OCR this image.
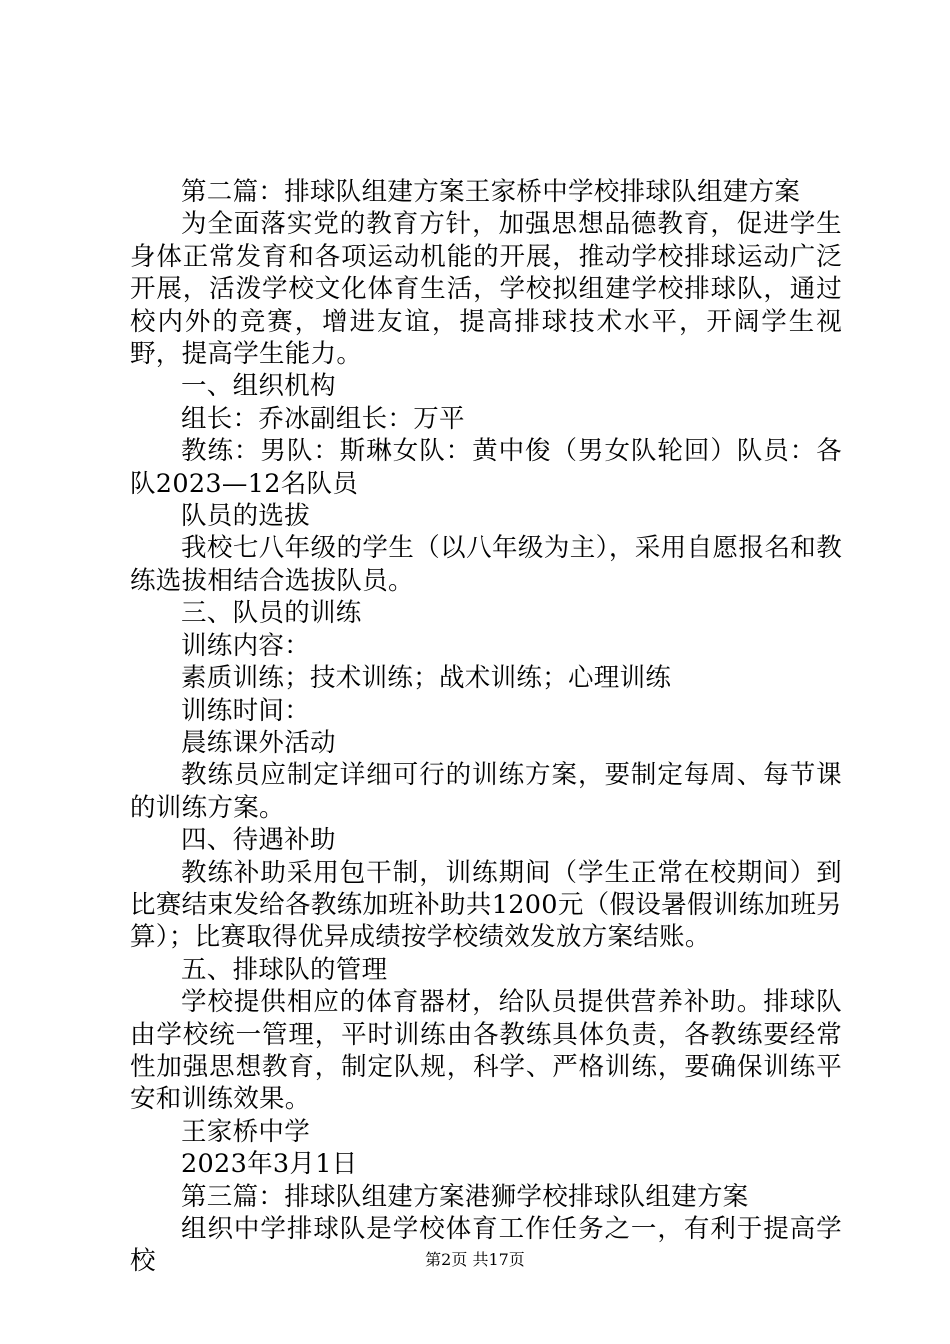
第二篇：排球队组建方案王家桥中学校排球队组建方案

为全面落实党的教育方针，加强思想品德教育，促进学生身体正常发育和各项运动机能的开展，推动学校排球运动广泛开展，活泼学校文化体育生活，学校拟组建学校排球队，通过校内外的竞赛，增进友谊，提高排球技术水平，开阔学生视野，提高学生能力。

一、组织机构

组长：乔冰副组长：万平

教练：男队：斯琳女队：黄中俊（男女队轮回）队员：各队2023—12名队员

队员的选拔

我校七八年级的学生（以八年级为主），采用自愿报名和教练选拔相结合选拔队员。

三、队员的训练

训练内容：

素质训练；技术训练；战术训练；心理训练

训练时间：

晨练课外活动

教练员应制定详细可行的训练方案，要制定每周、每节课的训练方案。

四、待遇补助

教练补助采用包干制，训练期间（学生正常在校期间）到比赛结束发给各教练加班补助共1200元（假设暑假训练加班另算）；比赛取得优异成绩按学校绩效发放方案结账。

五、排球队的管理

学校提供相应的体育器材，给队员提供营养补助。排球队由学校统一管理，平时训练由各教练具体负责，各教练要经常性加强思想教育，制定队规，科学、严格训练，要确保训练平安和训练效果。

王家桥中学

2023年3月1日

第三篇：排球队组建方案港狮学校排球队组建方案

组织中学排球队是学校体育工作任务之一，有利于提高学校	第2页 共17页
